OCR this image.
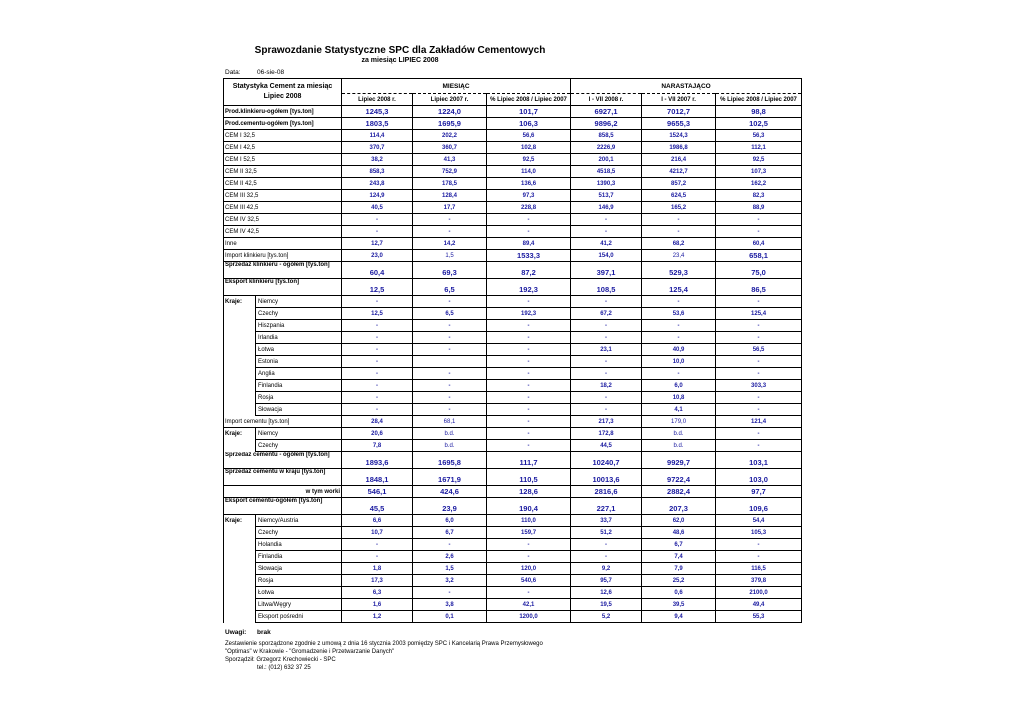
Sprawozdanie Statystyczne SPC dla Zakładów Cementowych
za miesiąc LIPIEC 2008
Data:	06-sie-08
Statystyka Cement za miesiąc Lipiec 2008		MIESIĄC			NARASTAJĄCO		
		Lipiec 2008 r.	Lipiec 2007 r.	% Lipiec 2008 / Lipiec 2007	I - VII 2008 r.	I - VII 2007 r.	% Lipiec 2008 / Lipiec 2007
Prod.klinkieru-ogółem [tys.ton]		1245,3	1224,0	101,7	6927,1	7012,7	98,8
Prod.cementu-ogółem [tys.ton]		1803,5	1695,9	106,3	9896,2	9655,3	102,5
CEM I 32,5		114,4	202,2	56,6	858,5	1524,3	56,3
CEM I 42,5		370,7	360,7	102,8	2226,9	1986,8	112,1
CEM I 52,5		38,2	41,3	92,5	200,1	216,4	92,5
CEM II 32,5		858,3	752,9	114,0	4518,5	4212,7	107,3
CEM II 42,5		243,8	178,5	136,6	1390,3	857,2	162,2
CEM III 32,5		124,9	128,4	97,3	513,7	624,5	82,3
CEM III 42,5		40,5	17,7	228,8	146,9	165,2	88,9
CEM IV 32,5		-	-	-	-	-	-
CEM IV 42,5		-	-	-	-	-	-
Inne		12,7	14,2	89,4	41,2	68,2	60,4
Import klinkieru [tys.ton]		23,0	1,5	1533,3	154,0	23,4	658,1
Sprzedaż klinkieru - ogółem [tys.ton]		60,4	69,3	87,2	397,1	529,3	75,0
Eksport klinkieru [tys.ton]		12,5	6,5	192,3	108,5	125,4	86,5
Kraje:	Niemcy	-	-	-	-	-	-
	Czechy	12,5	6,5	192,3	67,2	53,6	125,4
	Hiszpania	-	-	-	-	-	-
	Irlandia	-	-	-	-	-	-
	Łotwa	-	-	-	23,1	40,9	56,5
	Estonia	-		-	-	10,0	-
	Anglia	-	-	-	-	-	-
	Finlandia	-	-	-	18,2	6,0	303,3
	Rosja	-	-	-	-	10,8	-
	Słowacja	-	-	-	-	4,1	-
Import cementu [tys.ton]		28,4	68,1	-	217,3	179,0	121,4
Kraje:	Niemcy	20,6	b.d.	-	172,8	b.d.	-
	Czechy	7,8	b.d.	-	44,5	b.d.	-
Sprzedaż cementu - ogółem [tys.ton]		1893,6	1695,8	111,7	10240,7	9929,7	103,1
Sprzedaż cementu w kraju [tys.ton]		1848,1	1671,9	110,5	10013,6	9722,4	103,0
w tym worki		546,1	424,6	128,6	2816,6	2882,4	97,7
Eksport cementu-ogółem [tys.ton]		45,5	23,9	190,4	227,1	207,3	109,6
Kraje:	Niemcy/Austria	6,6	6,0	110,0	33,7	62,0	54,4
	Czechy	10,7	6,7	159,7	51,2	48,6	105,3
	Holandia	-	-	-	-	6,7	-
	Finlandia	-	2,6	-	-	7,4	-
	Słowacja	1,8	1,5	120,0	9,2	7,9	116,5
	Rosja	17,3	3,2	540,6	95,7	25,2	379,8
	Łotwa	6,3	-	-	12,6	0,6	2100,0
	Litwa/Węgry	1,6	3,8	42,1	19,5	39,5	49,4
	Eksport pośredni	1,2	0,1	1200,0	5,2	9,4	55,3
Uwagi: brak
Zestawienie sporządzone zgodnie z umową z dnia 16 stycznia 2003 pomiędzy SPC i Kancelarią Prawa Przemysłowego
"Optimas" w Krakowie - "Gromadzenie i Przetwarzanie Danych"
Sporządził: Grzegorz Krechowiecki - SPC
tel.: (012) 632 37 25
